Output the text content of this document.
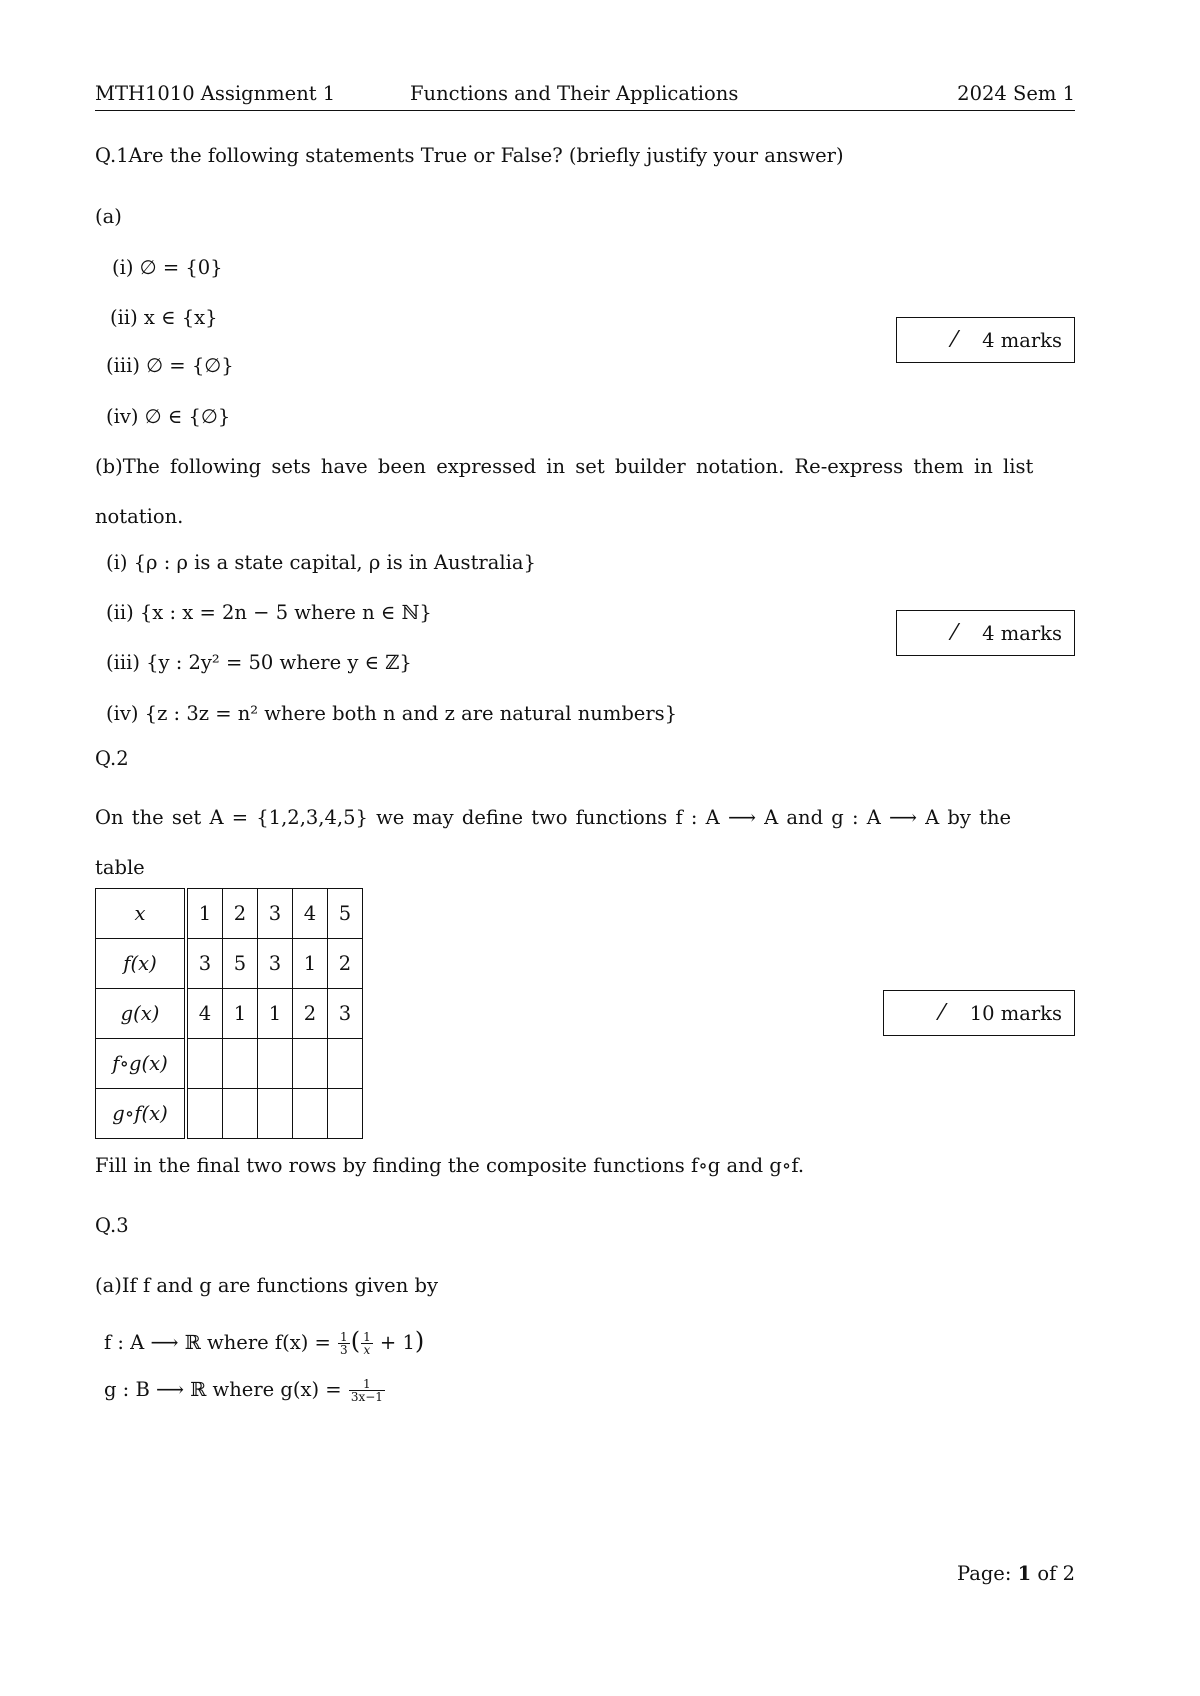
MTH1010 Assignment 1	Functions and Their Applications	2024 Sem 1
Q.1Are the following statements True or False? (briefly justify your answer)
(a)
(i) ∅ = {0}
(ii) x ∈ {x}
(iii) ∅ = {∅}
(iv) ∅ ∈ {∅}
⁄ 4 marks
(b)The following sets have been expressed in set builder notation. Re-express them in list
notation.
(i) {ρ : ρ is a state capital, ρ is in Australia}
(ii) {x : x = 2n − 5 where n ∈ ℕ}
(iii) {y : 2y² = 50 where y ∈ ℤ}
(iv) {z : 3z = n² where both n and z are natural numbers}
⁄ 4 marks
Q.2
On the set A = {1,2,3,4,5} we may define two functions f : A ⟶ A and g : A ⟶ A by the
table
x	1	2	3	4	5
f(x)	3	5	3	1	2
g(x)	4	1	1	2	3
f∘g(x)					
g∘f(x)					
⁄ 10 marks
Fill in the final two rows by finding the composite functions f∘g and g∘f.
Q.3
(a)If f and g are functions given by
f : A ⟶ ℝ where $f(x) = \frac{1}{3}$ ( $\frac{1}{x} + 1$)
g : B ⟶ ℝ where $g(x) = \frac{1}{3x-1}$
Page: 1 of 2
